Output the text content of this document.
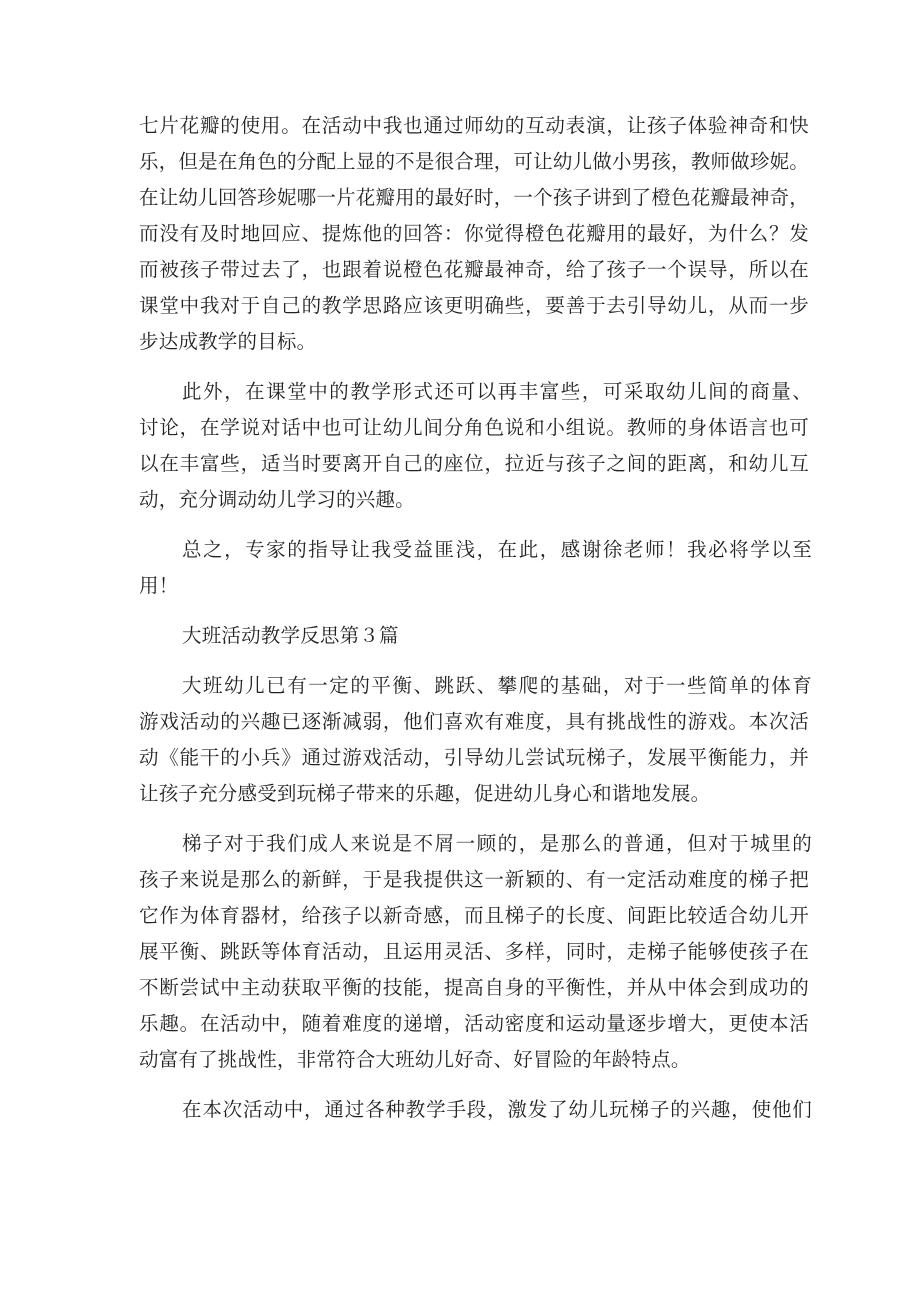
七片花瓣的使用。在活动中我也通过师幼的互动表演，让孩子体验神奇和快
乐，但是在角色的分配上显的不是很合理，可让幼儿做小男孩，教师做珍妮。
在让幼儿回答珍妮哪一片花瓣用的最好时，一个孩子讲到了橙色花瓣最神奇，
而没有及时地回应、提炼他的回答：你觉得橙色花瓣用的最好，为什么？发
而被孩子带过去了，也跟着说橙色花瓣最神奇，给了孩子一个误导，所以在
课堂中我对于自己的教学思路应该更明确些，要善于去引导幼儿，从而一步
步达成教学的目标。
此外，在课堂中的教学形式还可以再丰富些，可采取幼儿间的商量、
讨论，在学说对话中也可让幼儿间分角色说和小组说。教师的身体语言也可
以在丰富些，适当时要离开自己的座位，拉近与孩子之间的距离，和幼儿互
动，充分调动幼儿学习的兴趣。
总之，专家的指导让我受益匪浅，在此，感谢徐老师！我必将学以至
用！
大班活动教学反思第３篇
大班幼儿已有一定的平衡、跳跃、攀爬的基础，对于一些简单的体育
游戏活动的兴趣已逐渐减弱，他们喜欢有难度，具有挑战性的游戏。本次活
动《能干的小兵》通过游戏活动，引导幼儿尝试玩梯子，发展平衡能力，并
让孩子充分感受到玩梯子带来的乐趣，促进幼儿身心和谐地发展。
梯子对于我们成人来说是不屑一顾的，是那么的普通，但对于城里的
孩子来说是那么的新鲜，于是我提供这一新颖的、有一定活动难度的梯子把
它作为体育器材，给孩子以新奇感，而且梯子的长度、间距比较适合幼儿开
展平衡、跳跃等体育活动，且运用灵活、多样，同时，走梯子能够使孩子在
不断尝试中主动获取平衡的技能，提高自身的平衡性，并从中体会到成功的
乐趣。在活动中，随着难度的递增，活动密度和运动量逐步增大，更使本活
动富有了挑战性，非常符合大班幼儿好奇、好冒险的年龄特点。
在本次活动中，通过各种教学手段，激发了幼儿玩梯子的兴趣，使他们
